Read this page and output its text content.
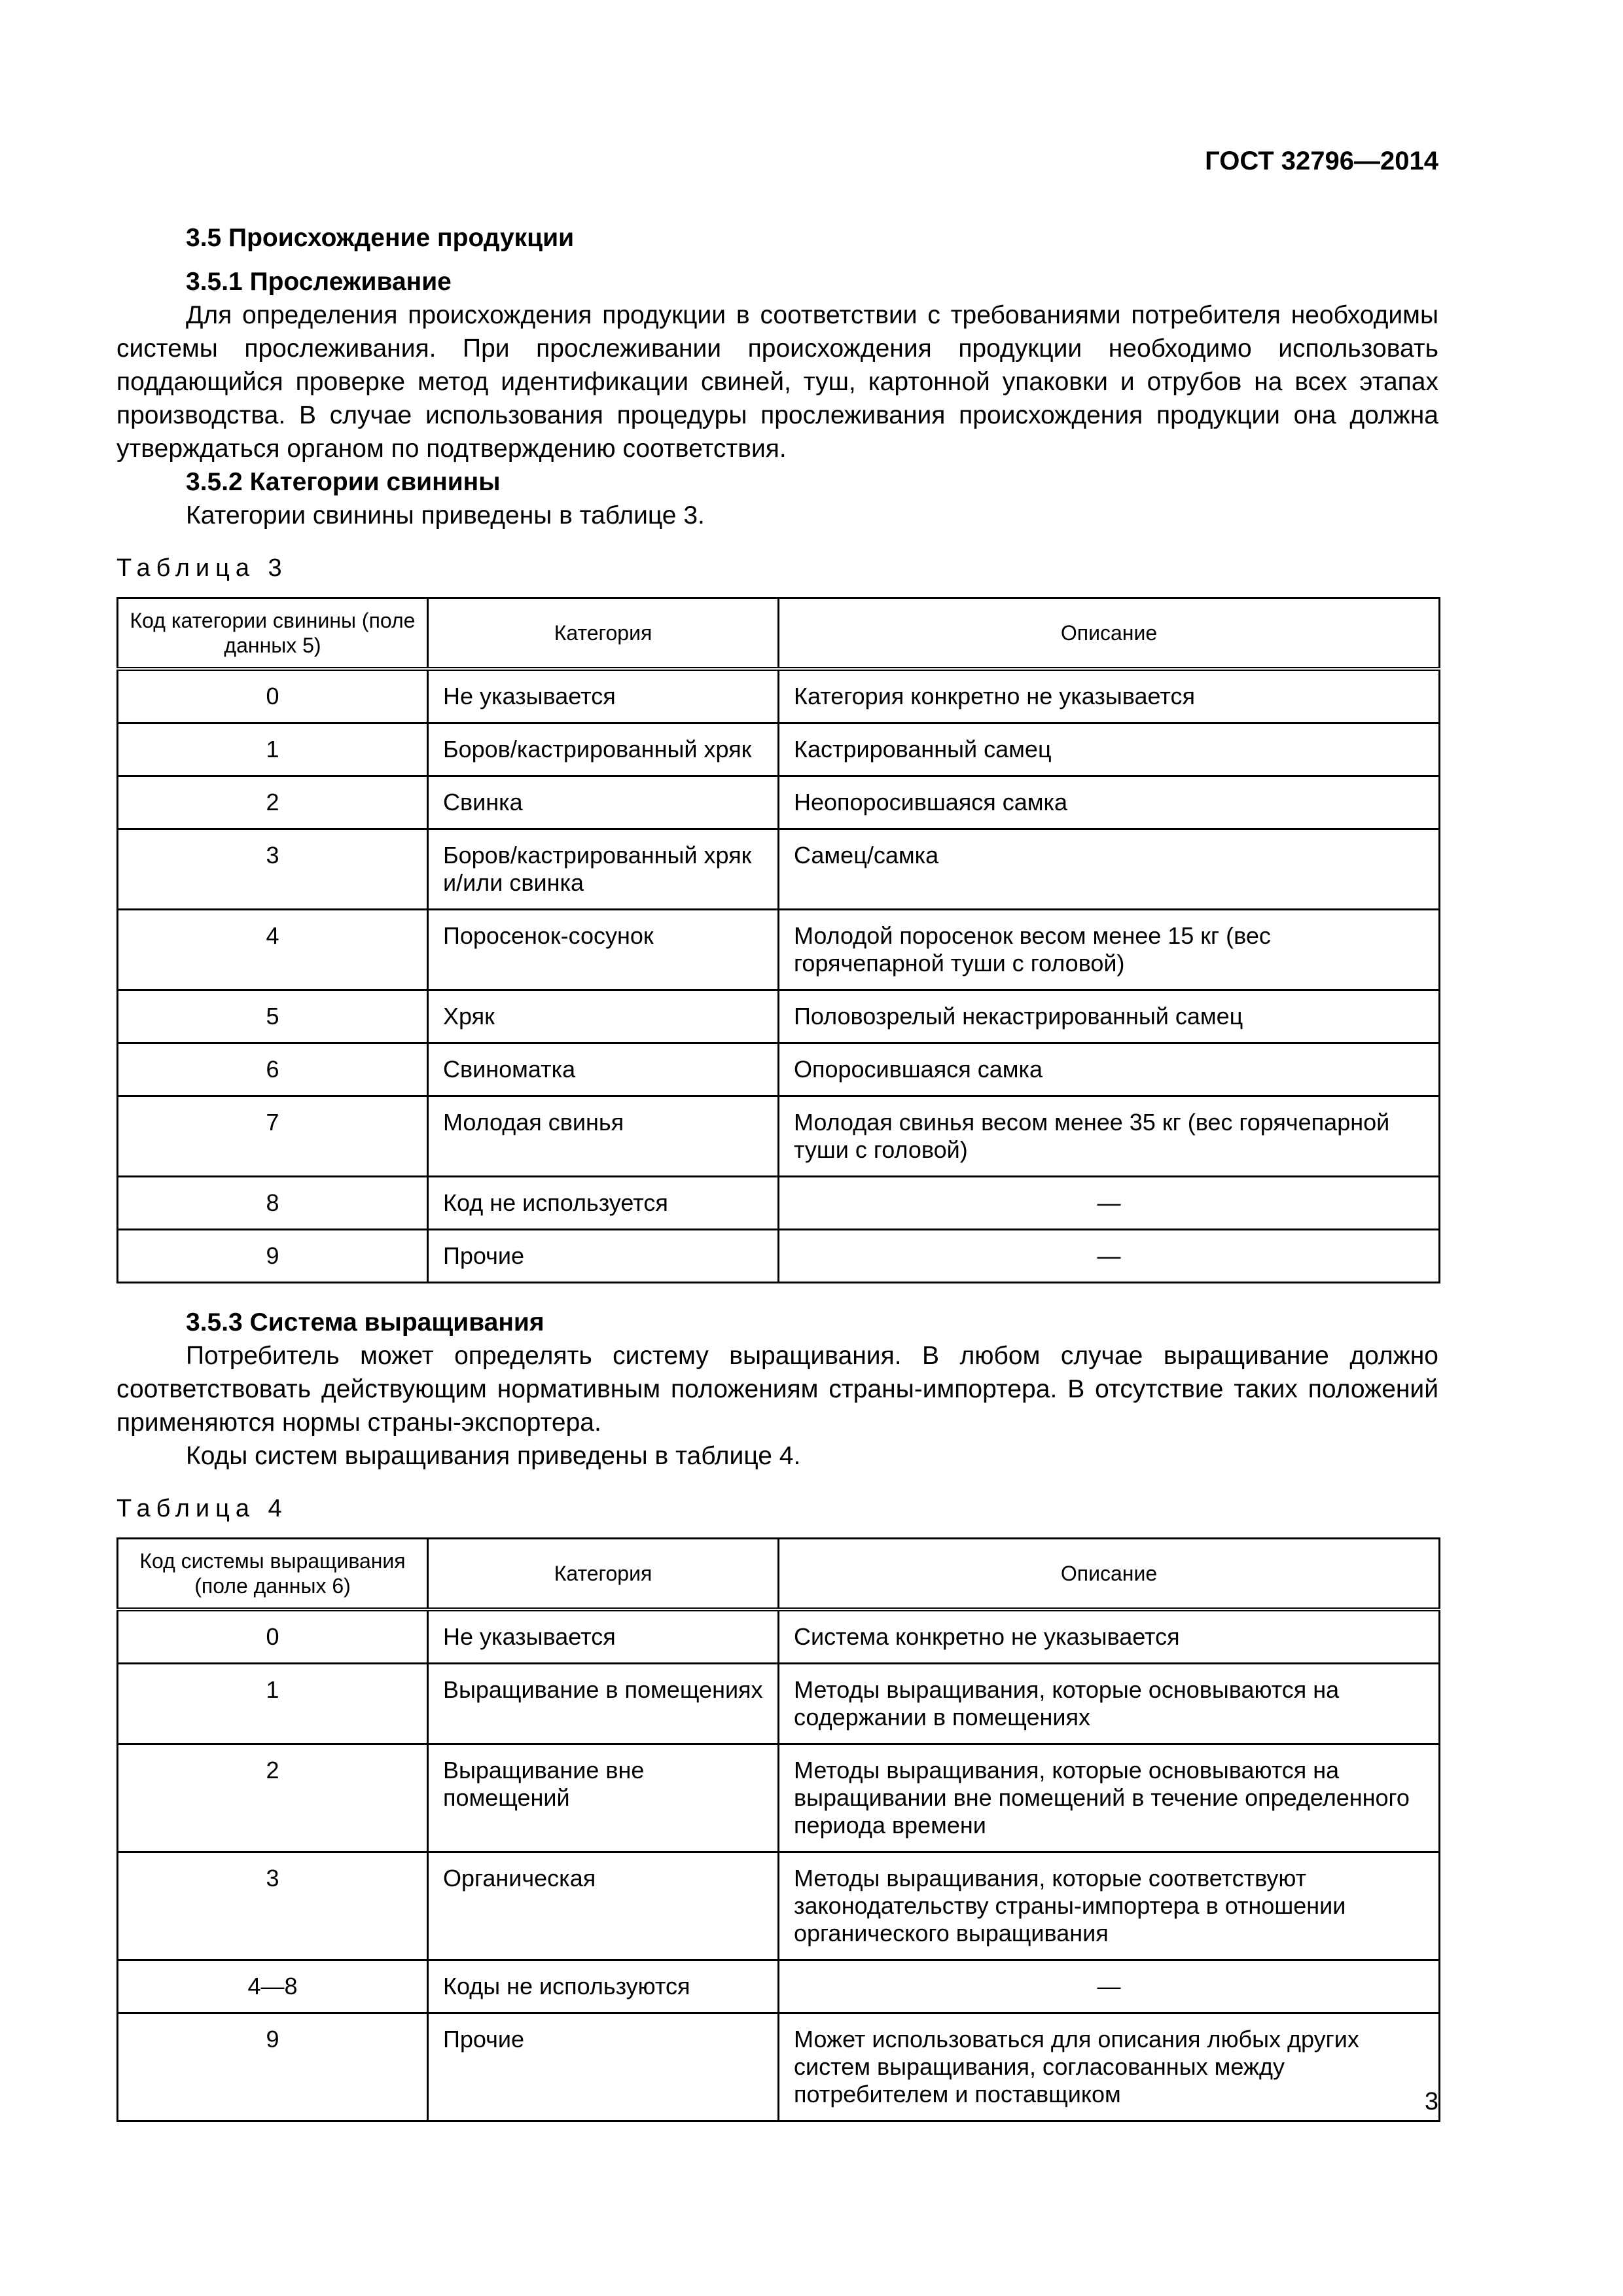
ГОСТ 32796—2014

3.5 Происхождение продукции

3.5.1 Прослеживание

Для определения происхождения продукции в соответствии с требованиями потребителя необходимы системы прослеживания. При прослеживании происхождения продукции необходимо использовать поддающийся проверке метод идентификации свиней, туш, картонной упаковки и отрубов на всех этапах производства. В случае использования процедуры прослеживания происхождения продукции она должна утверждаться органом по подтверждению соответствия.

3.5.2 Категории свинины

Категории свинины приведены в таблице 3.

Таблица 3
Код категории свинины (поле данных 5)	Категория	Описание
0	Не указывается	Категория конкретно не указывается
1	Боров/кастрированный хряк	Кастрированный самец
2	Свинка	Неопоросившаяся самка
3	Боров/кастрированный хряк и/или свинка	Самец/самка
4	Поросенок-сосунок	Молодой поросенок весом менее 15 кг (вес горячепарной туши с головой)
5	Хряк	Половозрелый некастрированный самец
6	Свиноматка	Опоросившаяся самка
7	Молодая свинья	Молодая свинья весом менее 35 кг (вес горячепарной туши с головой)
8	Код не используется	—
9	Прочие	—

3.5.3 Система выращивания

Потребитель может определять систему выращивания. В любом случае выращивание должно соответствовать действующим нормативным положениям страны-импортера. В отсутствие таких положений применяются нормы страны-экспортера.

Коды систем выращивания приведены в таблице 4.

Таблица 4
Код системы выращивания (поле данных 6)	Категория	Описание
0	Не указывается	Система конкретно не указывается
1	Выращивание в помещениях	Методы выращивания, которые основываются на содержании в помещениях
2	Выращивание вне помещений	Методы выращивания, которые основываются на выращивании вне помещений в течение определенного периода времени
3	Органическая	Методы выращивания, которые соответствуют законодательству страны-импортера в отношении органического выращивания
4—8	Коды не используются	—
9	Прочие	Может использоваться для описания любых других систем выращивания, согласованных между потребителем и поставщиком	3
